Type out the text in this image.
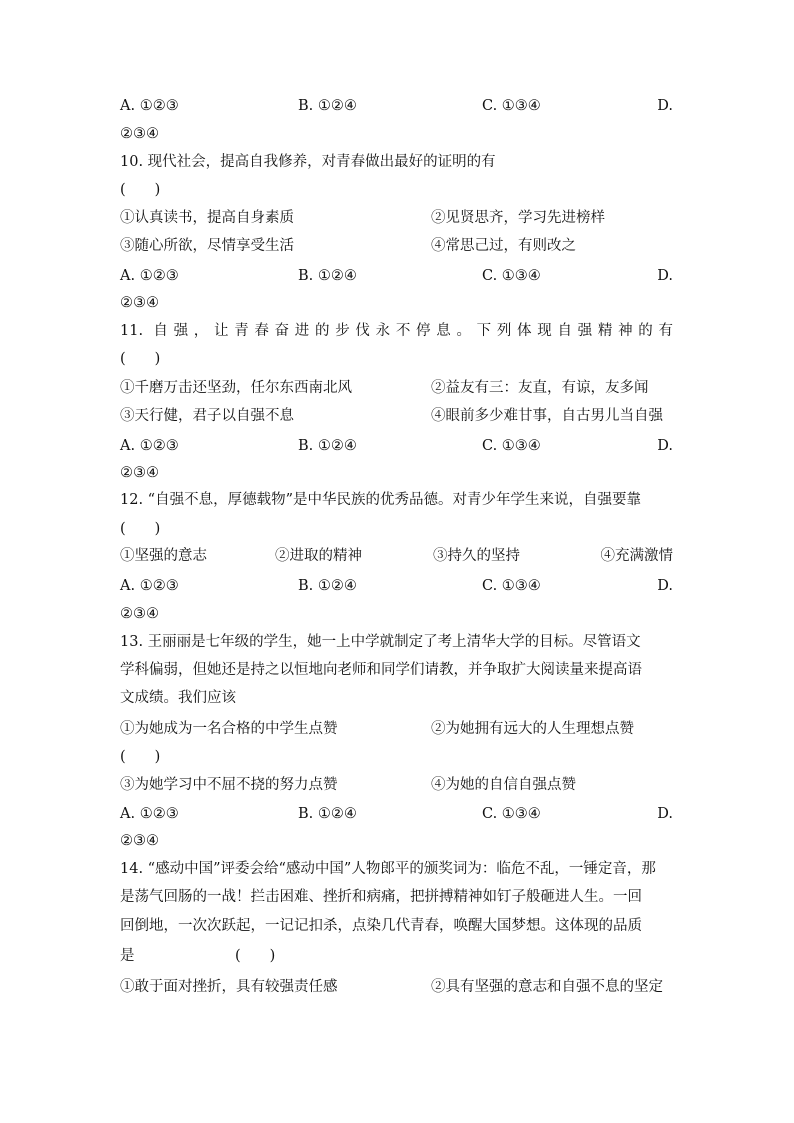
A. ①②③	B. ①②④	C. ①③④	D.
②③④
10. 现代社会，提高自我修养，对青春做出最好的证明的有
(　　)
①认真读书，提高自身素质	②见贤思齐，学习先进榜样
③随心所欲，尽情享受生活	④常思己过，有则改之
A. ①②③	B. ①②④	C. ①③④	D.
②③④
11. 自强，让青春奋进的步伐永不停息。下列体现自强精神的有
(　　)
①千磨万击还坚劲，任尔东西南北风	②益友有三：友直，有谅，友多闻
③天行健，君子以自强不息	④眼前多少难甘事，自古男儿当自强
A. ①②③	B. ①②④	C. ①③④	D.
②③④
12. “自强不息，厚德载物”是中华民族的优秀品德。对青少年学生来说，自强要靠
(　　)
①坚强的意志	②进取的精神	③持久的坚持	④充满激情
A. ①②③	B. ①②④	C. ①③④	D.
②③④
13. 王丽丽是七年级的学生，她一上中学就制定了考上清华大学的目标。尽管语文
学科偏弱，但她还是持之以恒地向老师和同学们请教，并争取扩大阅读量来提高语
文成绩。我们应该
①为她成为一名合格的中学生点赞	②为她拥有远大的人生理想点赞
(　　)
③为她学习中不屈不挠的努力点赞	④为她的自信自强点赞
A. ①②③	B. ①②④	C. ①③④	D.
②③④
14. “感动中国”评委会给“感动中国”人物郎平的颁奖词为：临危不乱，一锤定音，那
是荡气回肠的一战！拦击困难、挫折和病痛，把拼搏精神如钉子般砸进人生。一回
回倒地，一次次跃起，一记记扣杀，点染几代青春，唤醒大国梦想。这体现的品质
是	(　　)
①敢于面对挫折，具有较强责任感	②具有坚强的意志和自强不息的坚定
